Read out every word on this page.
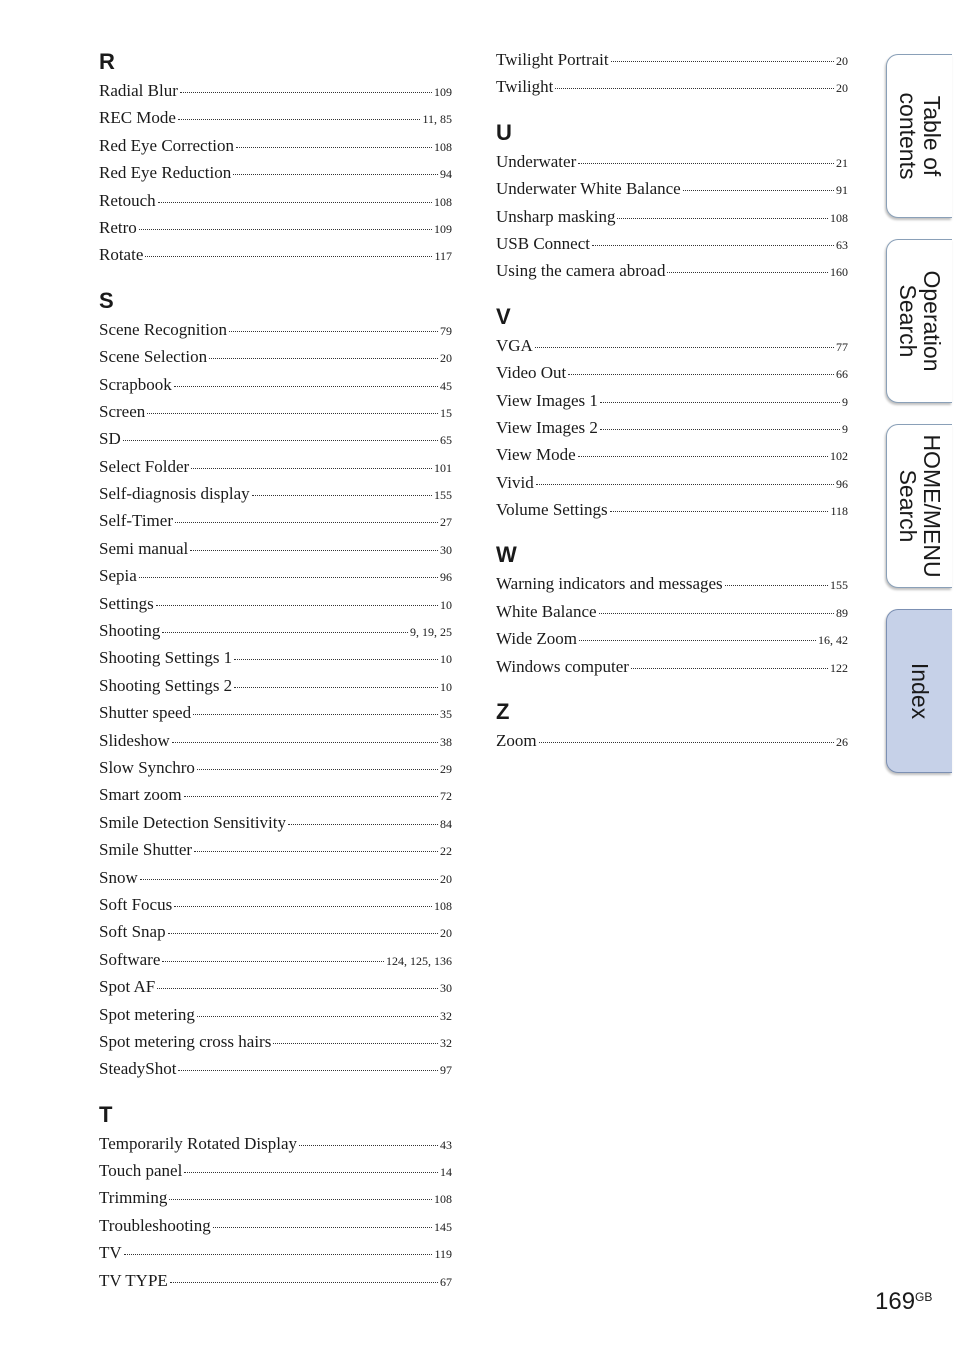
R
Radial Blur	109
REC Mode	11, 85
Red Eye Correction	108
Red Eye Reduction	94
Retouch	108
Retro	109
Rotate	117
S
Scene Recognition	79
Scene Selection	20
Scrapbook	45
Screen	15
SD	65
Select Folder	101
Self-diagnosis display	155
Self-Timer	27
Semi manual	30
Sepia	96
Settings	10
Shooting	9, 19, 25
Shooting Settings 1	10
Shooting Settings 2	10
Shutter speed	35
Slideshow	38
Slow Synchro	29
Smart zoom	72
Smile Detection Sensitivity	84
Smile Shutter	22
Snow	20
Soft Focus	108
Soft Snap	20
Software	124, 125, 136
Spot AF	30
Spot metering	32
Spot metering cross hairs	32
SteadyShot	97
T
Temporarily Rotated Display	43
Touch panel	14
Trimming	108
Troubleshooting	145
TV	119
TV TYPE	67
Twilight Portrait	20
Twilight	20
U
Underwater	21
Underwater White Balance	91
Unsharp masking	108
USB Connect	63
Using the camera abroad	160
V
VGA	77
Video Out	66
View Images 1	9
View Images 2	9
View Mode	102
Vivid	96
Volume Settings	118
W
Warning indicators and messages	155
White Balance	89
Wide Zoom	16, 42
Windows computer	122
Z
Zoom	26
Table of
contents
Operation
Search
HOME/MENU
Search
Index
$169^{GB}$
